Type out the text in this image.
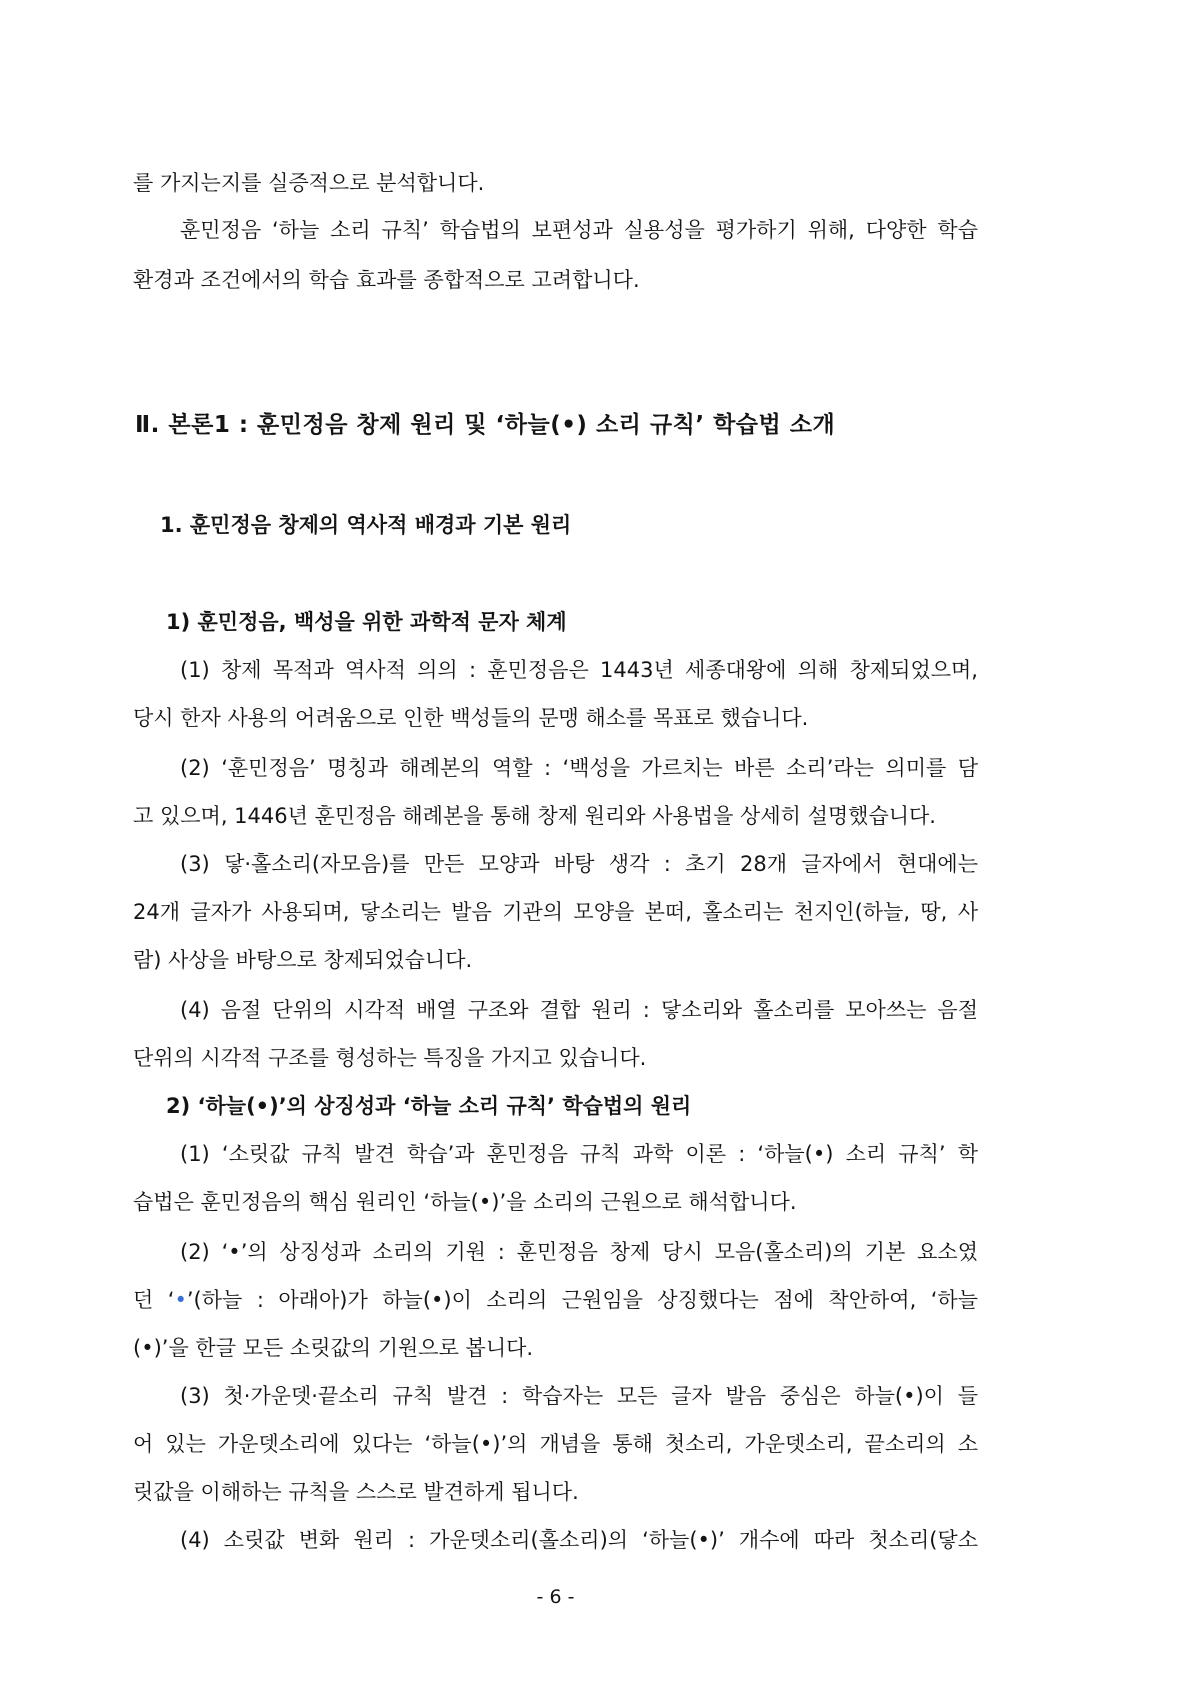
를 가지는지를 실증적으로 분석합니다.
훈민정음 ‘하늘 소리 규칙’ 학습법의 보편성과 실용성을 평가하기 위해, 다양한 학습
환경과 조건에서의 학습 효과를 종합적으로 고려합니다.
Ⅱ. 본론1 : 훈민정음 창제 원리 및 ‘하늘(•) 소리 규칙’ 학습법 소개
1. 훈민정음 창제의 역사적 배경과 기본 원리
1) 훈민정음, 백성을 위한 과학적 문자 체계
(1) 창제 목적과 역사적 의의 : 훈민정음은 1443년 세종대왕에 의해 창제되었으며,
당시 한자 사용의 어려움으로 인한 백성들의 문맹 해소를 목표로 했습니다.
(2) ‘훈민정음’ 명칭과 해례본의 역할 : ‘백성을 가르치는 바른 소리’라는 의미를 담
고 있으며, 1446년 훈민정음 해례본을 통해 창제 원리와 사용법을 상세히 설명했습니다.
(3) 닿·홀소리(자모음)를 만든 모양과 바탕 생각 : 초기 28개 글자에서 현대에는
24개 글자가 사용되며, 닿소리는 발음 기관의 모양을 본떠, 홀소리는 천지인(하늘, 땅, 사
람) 사상을 바탕으로 창제되었습니다.
(4) 음절 단위의 시각적 배열 구조와 결합 원리 : 닿소리와 홀소리를 모아쓰는 음절
단위의 시각적 구조를 형성하는 특징을 가지고 있습니다.
2) ‘하늘(•)’의 상징성과 ‘하늘 소리 규칙’ 학습법의 원리
(1) ‘소릿값 규칙 발견 학습’과 훈민정음 규칙 과학 이론 : ‘하늘(•) 소리 규칙’ 학
습법은 훈민정음의 핵심 원리인 ‘하늘(•)’을 소리의 근원으로 해석합니다.
(2) ‘•’의 상징성과 소리의 기원 : 훈민정음 창제 당시 모음(홀소리)의 기본 요소였
던 ‘•’(하늘 : 아래아)가 하늘(•)이 소리의 근원임을 상징했다는 점에 착안하여, ‘하늘
(•)’을 한글 모든 소릿값의 기원으로 봅니다.
(3) 첫·가운뎃·끝소리 규칙 발견 : 학습자는 모든 글자 발음 중심은 하늘(•)이 들
어 있는 가운뎃소리에 있다는 ‘하늘(•)’의 개념을 통해 첫소리, 가운뎃소리, 끝소리의 소
릿값을 이해하는 규칙을 스스로 발견하게 됩니다.
(4) 소릿값 변화 원리 : 가운뎃소리(홀소리)의 ‘하늘(•)’ 개수에 따라 첫소리(닿소
- 6 -
